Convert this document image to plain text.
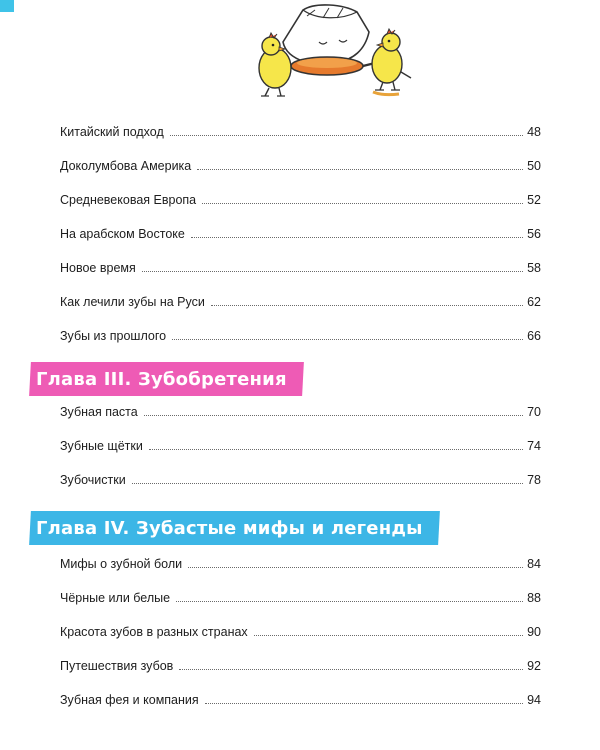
Китайский подход	48
Доколумбова Америка	50
Средневековая Европа	52
На арабском Востоке	56
Новое время	58
Как лечили зубы на Руси	62
Зубы из прошлого	66
Глава III. Зубобретения
Зубная паста	70
Зубные щётки	74
Зубочистки	78
Глава IV. Зубастые мифы и легенды
Мифы о зубной боли	84
Чёрные или белые	88
Красота зубов в разных странах	90
Путешествия зубов	92
Зубная фея и компания	94
